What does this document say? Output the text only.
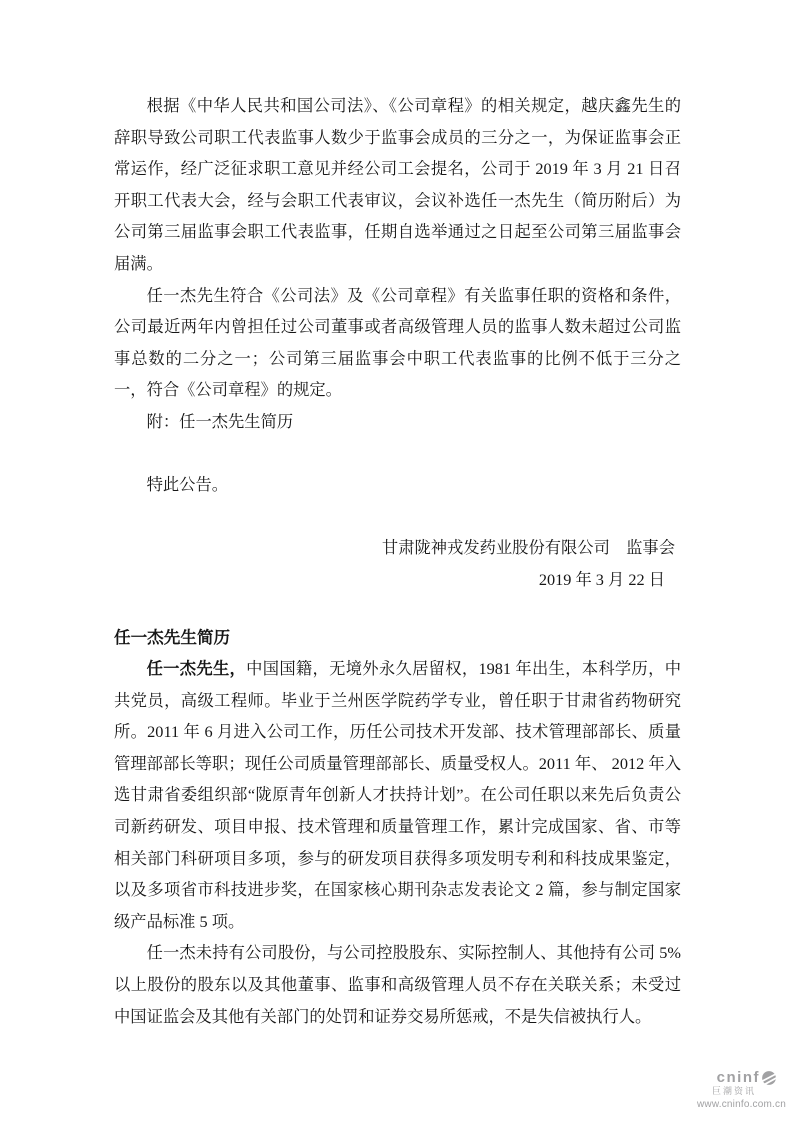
根据《中华人民共和国公司法》、《公司章程》的相关规定，越庆鑫先生的辞职导致公司职工代表监事人数少于监事会成员的三分之一，为保证监事会正常运作，经广泛征求职工意见并经公司工会提名，公司于 2019 年 3 月 21 日召开职工代表大会，经与会职工代表审议，会议补选任一杰先生（简历附后）为公司第三届监事会职工代表监事，任期自选举通过之日起至公司第三届监事会届满。

任一杰先生符合《公司法》及《公司章程》有关监事任职的资格和条件，公司最近两年内曾担任过公司董事或者高级管理人员的监事人数未超过公司监事总数的二分之一；公司第三届监事会中职工代表监事的比例不低于三分之一，符合《公司章程》的规定。

附：任一杰先生简历

特此公告。

甘肃陇神戎发药业股份有限公司　监事会

2019 年 3 月 22 日

任一杰先生简历

任一杰先生，中国国籍，无境外永久居留权，1981 年出生，本科学历，中共党员，高级工程师。毕业于兰州医学院药学专业，曾任职于甘肃省药物研究所。2011 年 6 月进入公司工作，历任公司技术开发部、技术管理部部长、质量管理部部长等职；现任公司质量管理部部长、质量受权人。2011 年、 2012 年入选甘肃省委组织部“陇原青年创新人才扶持计划”。在公司任职以来先后负责公司新药研发、项目申报、技术管理和质量管理工作，累计完成国家、省、市等相关部门科研项目多项，参与的研发项目获得多项发明专利和科技成果鉴定，以及多项省市科技进步奖，在国家核心期刊杂志发表论文 2 篇，参与制定国家级产品标准 5 项。

任一杰未持有公司股份，与公司控股股东、实际控制人、其他持有公司 5%以上股份的股东以及其他董事、监事和高级管理人员不存在关联关系；未受过中国证监会及其他有关部门的处罚和证券交易所惩戒，不是失信被执行人。

cninf
巨潮资讯
www.cninfo.com.cn
